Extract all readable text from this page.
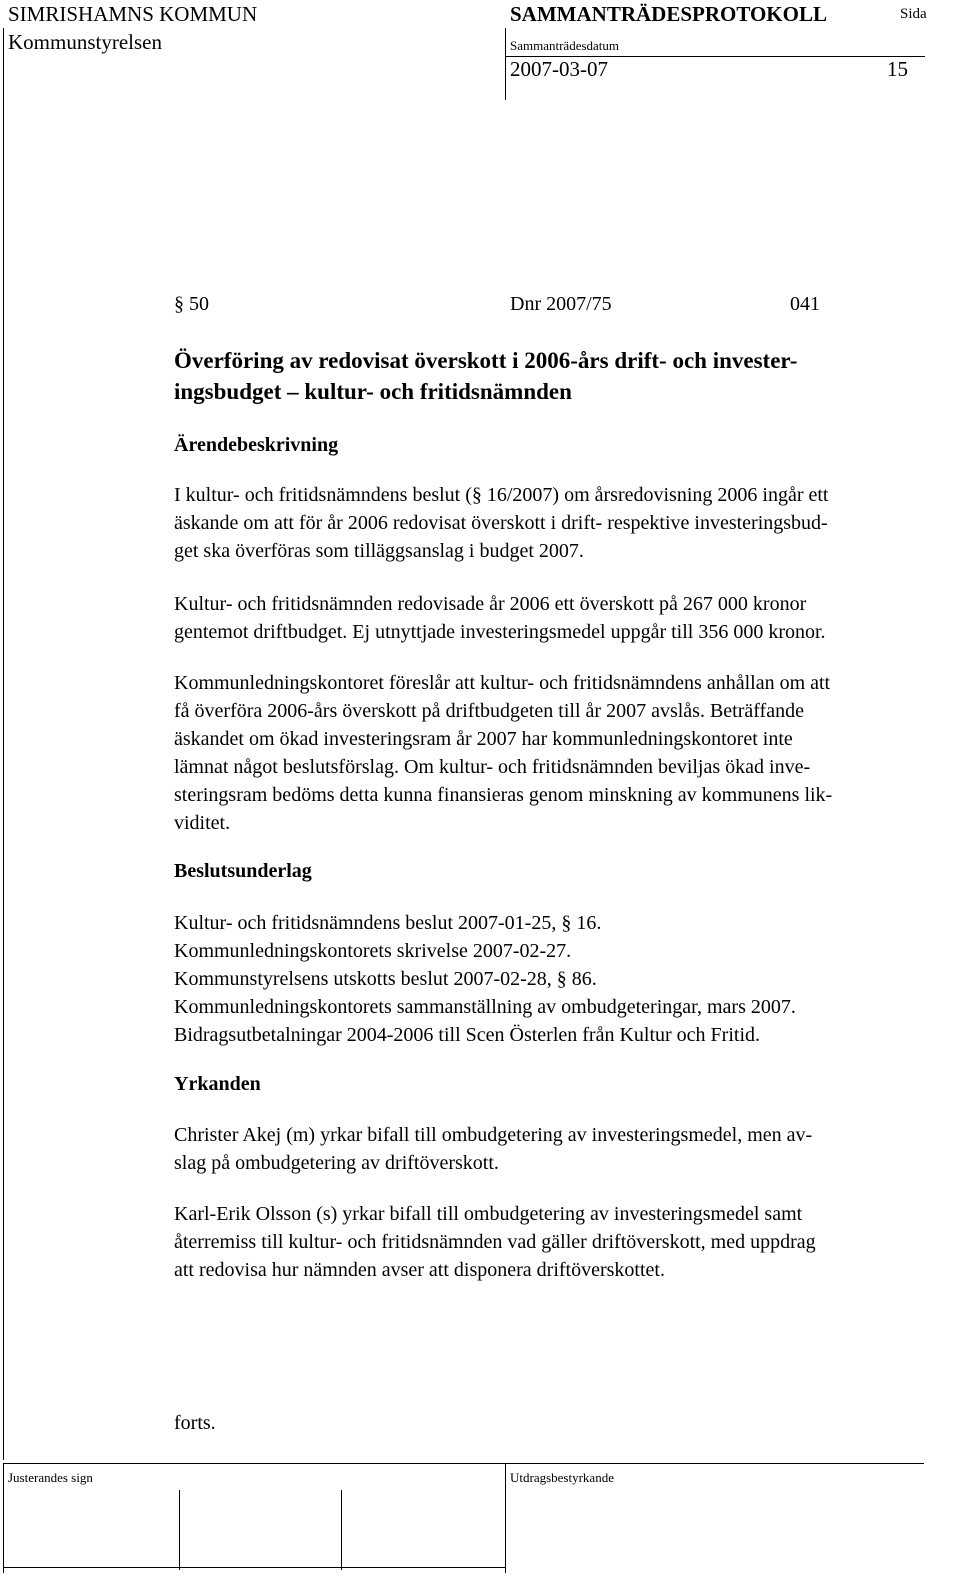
SIMRISHAMNS KOMMUN
Kommunstyrelsen
SAMMANTRÄDESPROTOKOLL	Sida
Sammanträdesdatum
2007-03-07	15
§ 50	Dnr 2007/75	041
Överföring av redovisat överskott i 2006-års drift- och invester-
ingsbudget – kultur- och fritidsnämnden
Ärendebeskrivning
I kultur- och fritidsnämndens beslut (§ 16/2007) om årsredovisning 2006 ingår ett
äskande om att för år 2006 redovisat överskott i drift- respektive investeringsbud-
get ska överföras som tilläggsanslag i budget 2007.
Kultur- och fritidsnämnden redovisade år 2006 ett överskott på 267 000 kronor
gentemot driftbudget. Ej utnyttjade investeringsmedel uppgår till 356 000 kronor.
Kommunledningskontoret föreslår att kultur- och fritidsnämndens anhållan om att
få överföra 2006-års överskott på driftbudgeten till år 2007 avslås. Beträffande
äskandet om ökad investeringsram år 2007 har kommunledningskontoret inte
lämnat något beslutsförslag. Om kultur- och fritidsnämnden beviljas ökad inve-
steringsram bedöms detta kunna finansieras genom minskning av kommunens lik-
viditet.
Beslutsunderlag
Kultur- och fritidsnämndens beslut 2007-01-25, § 16.
Kommunledningskontorets skrivelse 2007-02-27.
Kommunstyrelsens utskotts beslut 2007-02-28, § 86.
Kommunledningskontorets sammanställning av ombudgeteringar, mars 2007.
Bidragsutbetalningar 2004-2006 till Scen Österlen från Kultur och Fritid.
Yrkanden
Christer Akej (m) yrkar bifall till ombudgetering av investeringsmedel, men av-
slag på ombudgetering av driftöverskott.
Karl-Erik Olsson (s) yrkar bifall till ombudgetering av investeringsmedel samt
återremiss till kultur- och fritidsnämnden vad gäller driftöverskott, med uppdrag
att redovisa hur nämnden avser att disponera driftöverskottet.
forts.
Justerandes sign	Utdragsbestyrkande
